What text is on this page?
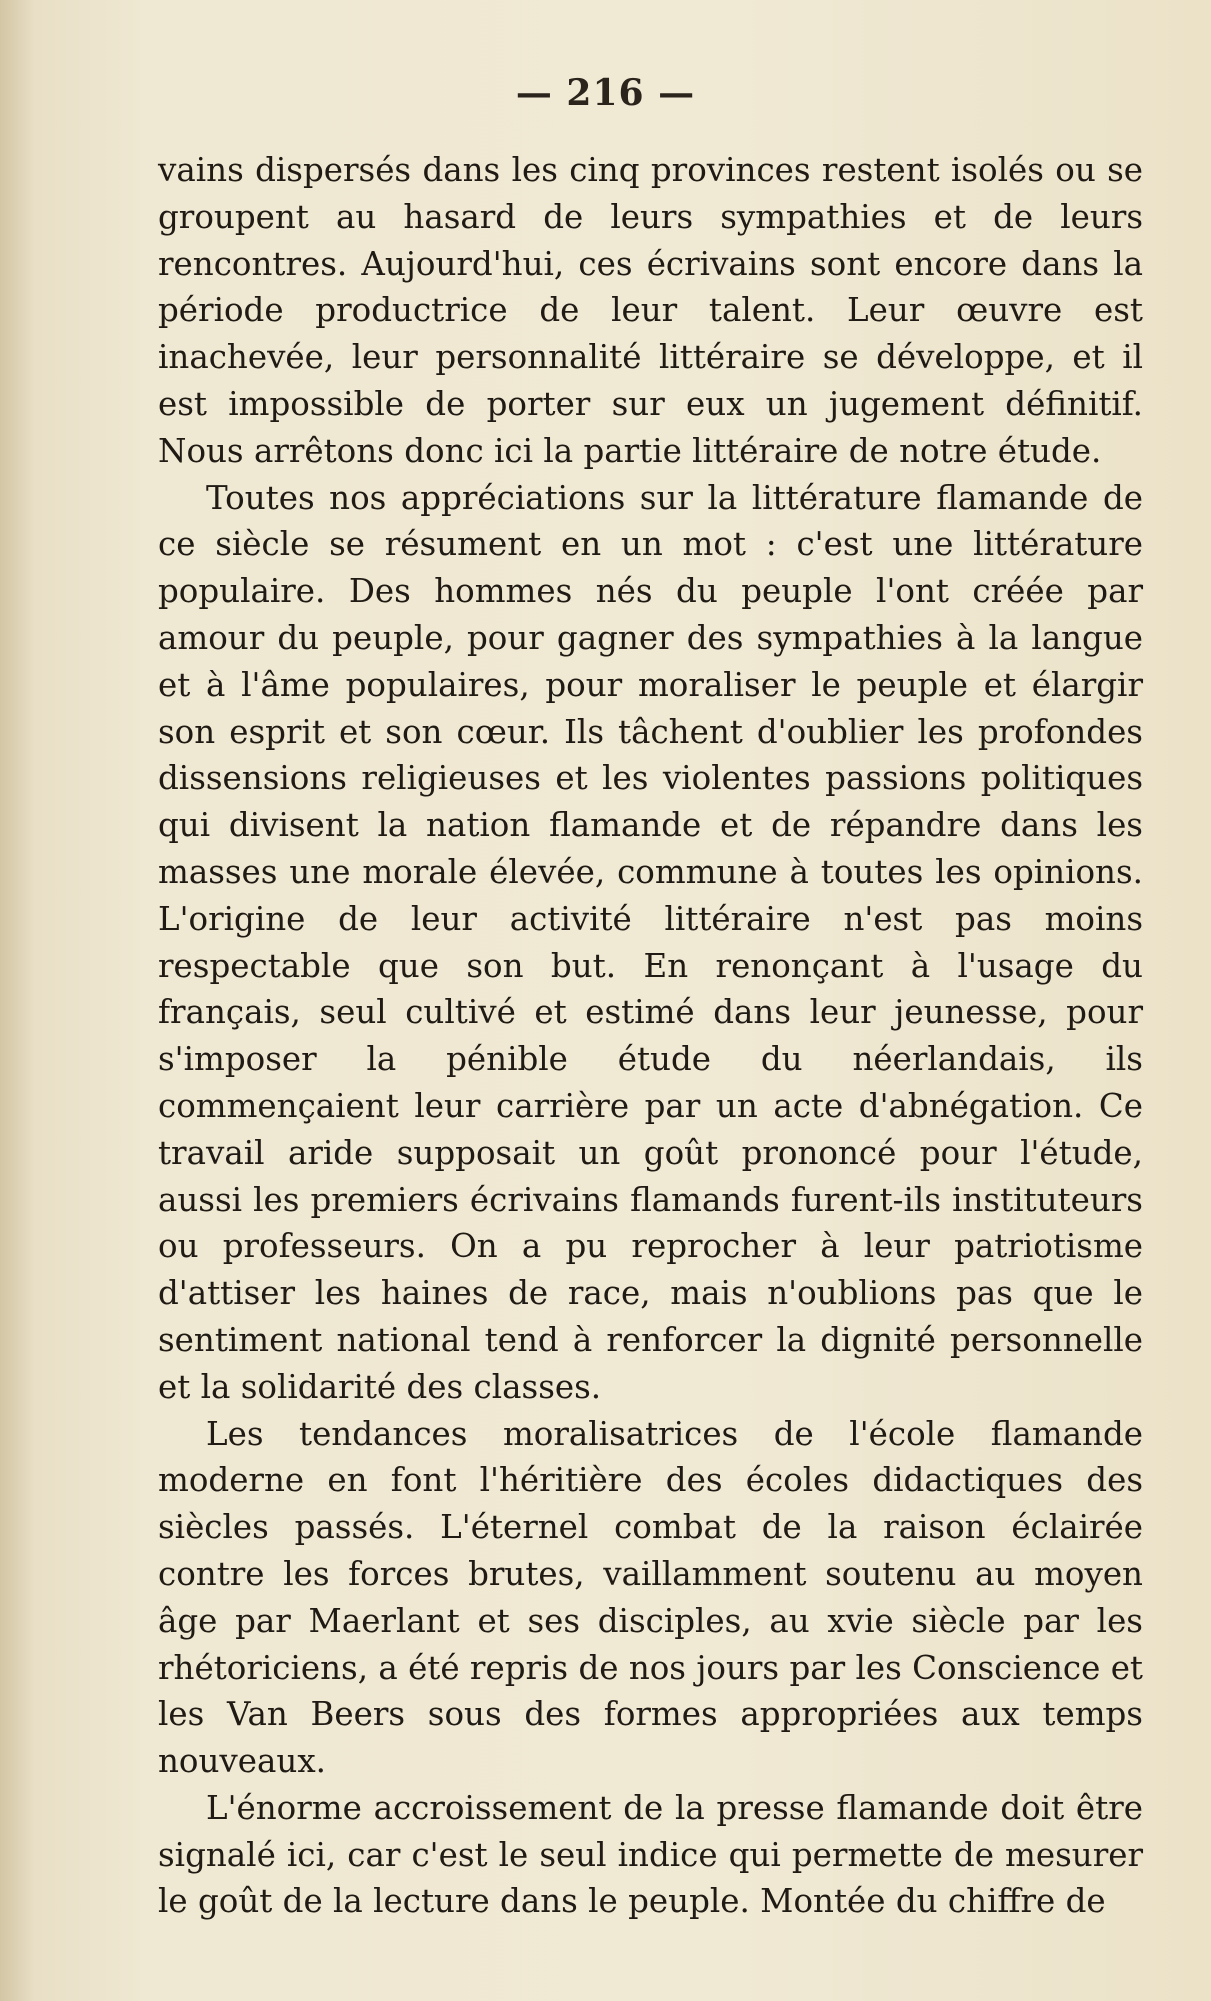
— 216 —

vains dispersés dans les cinq provinces restent isolés ou se groupent au hasard de leurs sympathies et de leurs rencontres. Aujourd'hui, ces écrivains sont encore dans la période productrice de leur talent. Leur œuvre est inachevée, leur personnalité littéraire se développe, et il est impossible de porter sur eux un jugement définitif. Nous arrêtons donc ici la partie littéraire de notre étude.

Toutes nos appréciations sur la littérature flamande de ce siècle se résument en un mot : c'est une littérature populaire. Des hommes nés du peuple l'ont créée par amour du peuple, pour gagner des sympathies à la langue et à l'âme populaires, pour moraliser le peuple et élargir son esprit et son cœur. Ils tâchent d'oublier les profondes dissensions religieuses et les violentes passions politiques qui divisent la nation flamande et de répandre dans les masses une morale élevée, commune à toutes les opinions. L'origine de leur activité littéraire n'est pas moins respectable que son but. En renonçant à l'usage du français, seul cultivé et estimé dans leur jeunesse, pour s'imposer la pénible étude du néerlandais, ils commençaient leur carrière par un acte d'abnégation. Ce travail aride supposait un goût prononcé pour l'étude, aussi les premiers écrivains flamands furent-ils instituteurs ou professeurs. On a pu reprocher à leur patriotisme d'attiser les haines de race, mais n'oublions pas que le sentiment national tend à renforcer la dignité personnelle et la solidarité des classes.

Les tendances moralisatrices de l'école flamande moderne en font l'héritière des écoles didactiques des siècles passés. L'éternel combat de la raison éclairée contre les forces brutes, vaillamment soutenu au moyen âge par Maerlant et ses disciples, au xvie siècle par les rhétoriciens, a été repris de nos jours par les Conscience et les Van Beers sous des formes appropriées aux temps nouveaux.

L'énorme accroissement de la presse flamande doit être signalé ici, car c'est le seul indice qui permette de mesurer le goût de la lecture dans le peuple. Montée du chiffre de
